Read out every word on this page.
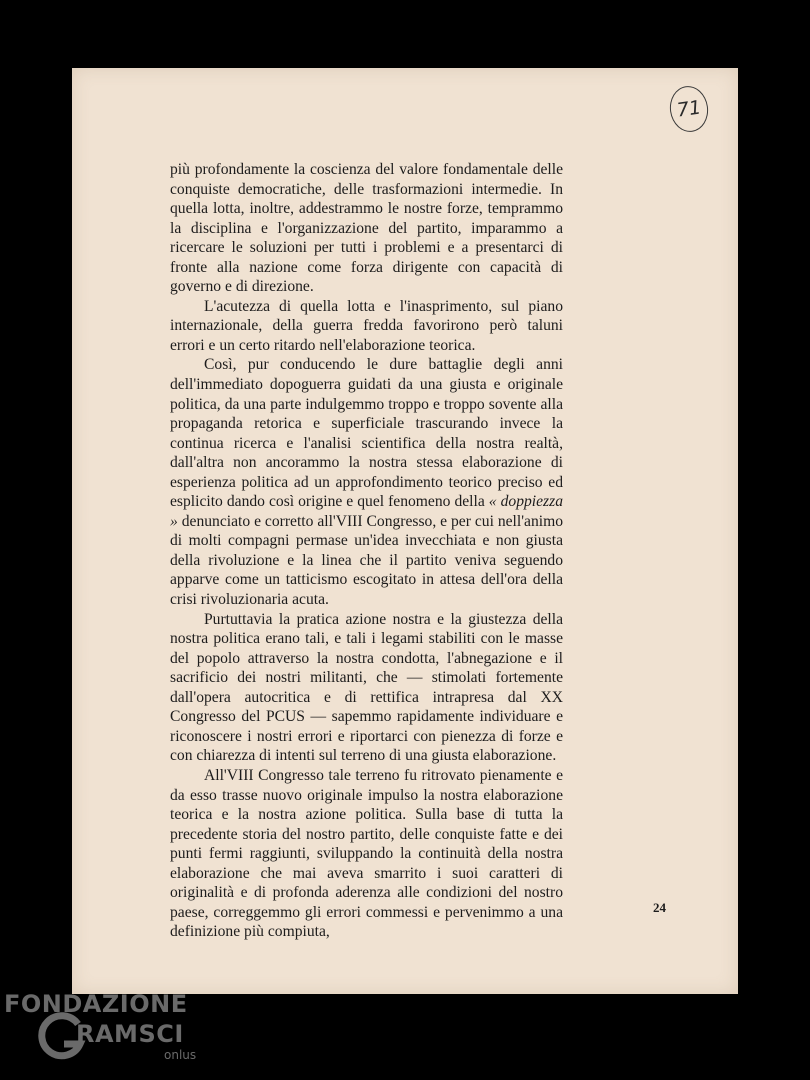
71

più profondamente la coscienza del valore fondamentale delle conquiste democratiche, delle trasformazioni intermedie. In quella lotta, inoltre, addestrammo le nostre forze, temprammo la disciplina e l'organizzazione del partito, imparammo a ricercare le soluzioni per tutti i problemi e a presentarci di fronte alla nazione come forza dirigente con capacità di governo e di direzione.

L'acutezza di quella lotta e l'inasprimento, sul piano internazionale, della guerra fredda favorirono però taluni errori e un certo ritardo nell'elaborazione teorica.

Così, pur conducendo le dure battaglie degli anni dell'immediato dopoguerra guidati da una giusta e originale politica, da una parte indulgemmo troppo e troppo sovente alla propaganda retorica e superficiale trascurando invece la continua ricerca e l'analisi scientifica della nostra realtà, dall'altra non ancorammo la nostra stessa elaborazione di esperienza politica ad un approfondimento teorico preciso ed esplicito dando così origine e quel fenomeno della « doppiezza » denunciato e corretto all'VIII Congresso, e per cui nell'animo di molti compagni permase un'idea invecchiata e non giusta della rivoluzione e la linea che il partito veniva seguendo apparve come un tatticismo escogitato in attesa dell'ora della crisi rivoluzionaria acuta.

Purtuttavia la pratica azione nostra e la giustezza della nostra politica erano tali, e tali i legami stabiliti con le masse del popolo attraverso la nostra condotta, l'abnegazione e il sacrificio dei nostri militanti, che — stimolati fortemente dall'opera autocritica e di rettifica intrapresa dal XX Congresso del PCUS — sapemmo rapidamente individuare e riconoscere i nostri errori e riportarci con pienezza di forze e con chiarezza di intenti sul terreno di una giusta elaborazione.

All'VIII Congresso tale terreno fu ritrovato pienamente e da esso trasse nuovo originale impulso la nostra elaborazione teorica e la nostra azione politica. Sulla base di tutta la precedente storia del nostro partito, delle conquiste fatte e dei punti fermi raggiunti, sviluppando la continuità della nostra elaborazione che mai aveva smarrito i suoi caratteri di originalità e di profonda aderenza alle condizioni del nostro paese, correggemmo gli errori commessi e pervenimmo a una definizione più compiuta,

24
FONDAZIONE
RAMSCI
onlus
